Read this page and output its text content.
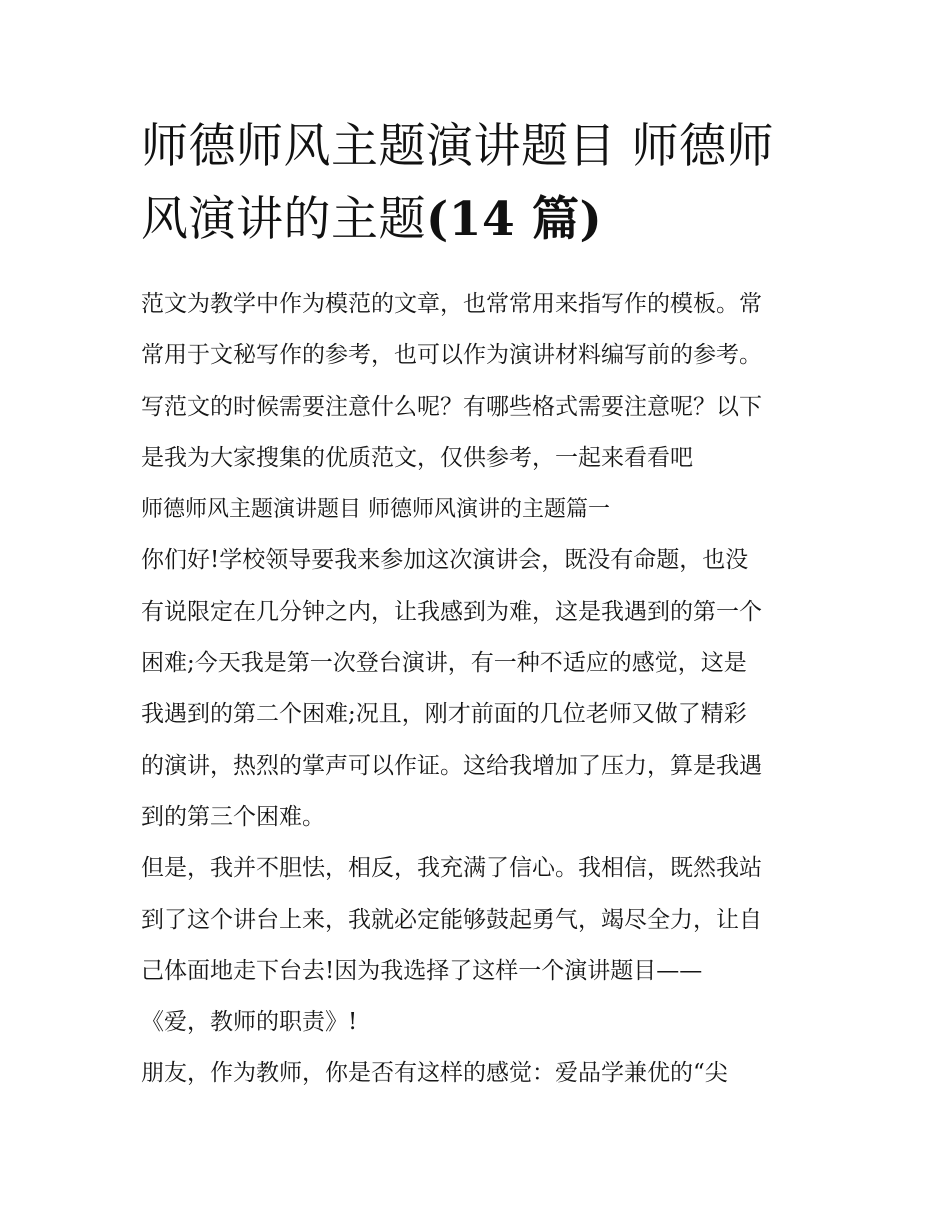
师德师风主题演讲题目 师德师
风演讲的主题(14 篇)
范文为教学中作为模范的文章，也常常用来指写作的模板。常
常用于文秘写作的参考，也可以作为演讲材料编写前的参考。
写范文的时候需要注意什么呢？有哪些格式需要注意呢？以下
是我为大家搜集的优质范文，仅供参考，一起来看看吧
师德师风主题演讲题目 师德师风演讲的主题篇一
你们好!学校领导要我来参加这次演讲会，既没有命题，也没
有说限定在几分钟之内，让我感到为难，这是我遇到的第一个
困难;今天我是第一次登台演讲，有一种不适应的感觉，这是
我遇到的第二个困难;况且，刚才前面的几位老师又做了精彩
的演讲，热烈的掌声可以作证。这给我增加了压力，算是我遇
到的第三个困难。
但是，我并不胆怯，相反，我充满了信心。我相信，既然我站
到了这个讲台上来，我就必定能够鼓起勇气，竭尽全力，让自
己体面地走下台去!因为我选择了这样一个演讲题目——
《爱，教师的职责》!
朋友，作为教师，你是否有这样的感觉：爱品学兼优的“尖
